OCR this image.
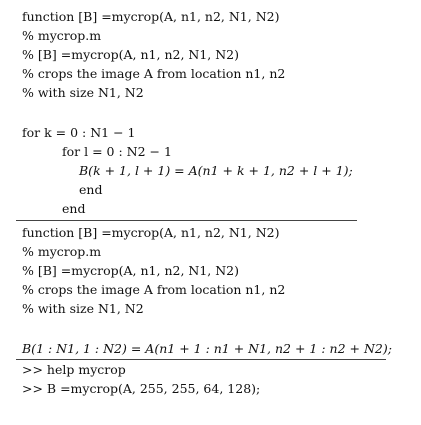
function [B] =mycrop(A, n1, n2, N1, N2)
% mycrop.m
% [B] =mycrop(A, n1, n2, N1, N2)
% crops the image A from location n1, n2
% with size N1, N2
for k = 0 : N1 − 1
for l = 0 : N2 − 1
B(k + 1, l + 1) = A(n1 + k + 1, n2 + l + 1);
end
end
function [B] =mycrop(A, n1, n2, N1, N2)
% mycrop.m
% [B] =mycrop(A, n1, n2, N1, N2)
% crops the image A from location n1, n2
% with size N1, N2
B(1 : N1, 1 : N2) = A(n1 + 1 : n1 + N1, n2 + 1 : n2 + N2);
>> help mycrop
>> B =mycrop(A, 255, 255, 64, 128);
